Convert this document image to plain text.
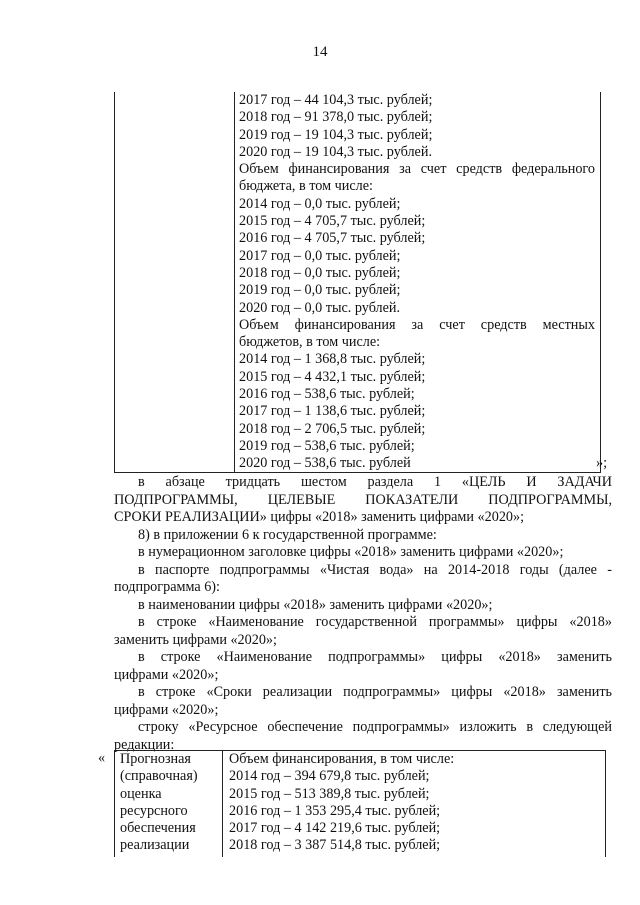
14
2017 год – 44 104,3 тыс. рублей;
2018 год – 91 378,0 тыс. рублей;
2019 год – 19 104,3 тыс. рублей;
2020 год – 19 104,3 тыс. рублей.
Объем финансирования за счет средств федерального
бюджета, в том числе:
2014 год – 0,0 тыс. рублей;
2015 год – 4 705,7 тыс. рублей;
2016 год – 4 705,7 тыс. рублей;
2017 год – 0,0 тыс. рублей;
2018 год – 0,0 тыс. рублей;
2019 год – 0,0 тыс. рублей;
2020 год – 0,0 тыс. рублей.
Объем финансирования за счет средств местных
бюджетов, в том числе:
2014 год – 1 368,8 тыс. рублей;
2015 год – 4 432,1 тыс. рублей;
2016 год – 538,6 тыс. рублей;
2017 год – 1 138,6 тыс. рублей;
2018 год – 2 706,5 тыс. рублей;
2019 год – 538,6 тыс. рублей;
2020 год – 538,6 тыс. рублей	»;
в абзаце тридцать шестом раздела 1 «ЦЕЛЬ И ЗАДАЧИ
ПОДПРОГРАММЫ, ЦЕЛЕВЫЕ ПОКАЗАТЕЛИ ПОДПРОГРАММЫ,
СРОКИ РЕАЛИЗАЦИИ» цифры «2018» заменить цифрами «2020»;
8) в приложении 6 к государственной программе:
в нумерационном заголовке цифры «2018» заменить цифрами «2020»;
в паспорте подпрограммы «Чистая вода» на 2014-2018 годы (далее -
подпрограмма 6):
в наименовании цифры «2018» заменить цифрами «2020»;
в строке «Наименование государственной программы» цифры «2018»
заменить цифрами «2020»;
в строке «Наименование подпрограммы» цифры «2018» заменить
цифрами «2020»;
в строке «Сроки реализации подпрограммы» цифры «2018» заменить
цифрами «2020»;
строку «Ресурсное обеспечение подпрограммы» изложить в следующей
редакции:
« Прогнозная
(справочная)
оценка
ресурсного
обеспечения
реализации
Объем финансирования, в том числе:
2014 год – 394 679,8 тыс. рублей;
2015 год – 513 389,8 тыс. рублей;
2016 год – 1 353 295,4 тыс. рублей;
2017 год – 4 142 219,6 тыс. рублей;
2018 год – 3 387 514,8 тыс. рублей;
